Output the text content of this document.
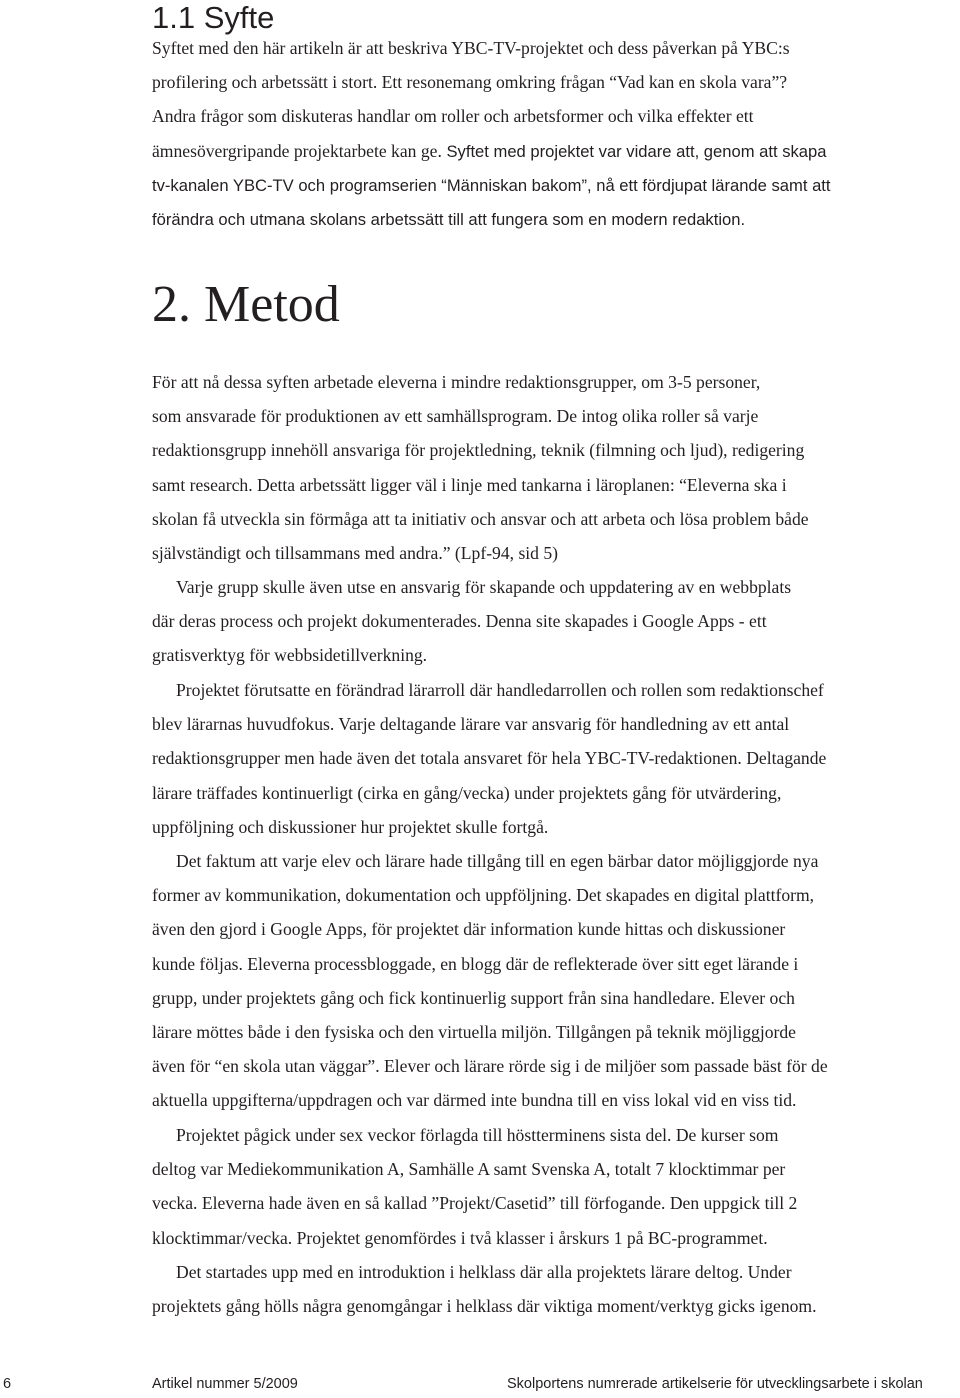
1.1 Syfte
Syftet med den här artikeln är att beskriva YBC-TV-projektet och dess påverkan på YBC:s
profilering och arbetssätt i stort. Ett resonemang omkring frågan “Vad kan en skola vara”?
Andra frågor som diskuteras handlar om roller och arbetsformer och vilka effekter ett
ämnesövergripande projektarbete kan ge. Syftet med projektet var vidare att, genom att skapa
tv-kanalen YBC-TV och programserien “Människan bakom”, nå ett fördjupat lärande samt att
förändra och utmana skolans arbetssätt till att fungera som en modern redaktion.
2. Metod
För att nå dessa syften arbetade eleverna i mindre redaktionsgrupper, om 3-5 personer,
som ansvarade för produktionen av ett samhällsprogram. De intog olika roller så varje
redaktionsgrupp innehöll ansvariga för projektledning, teknik (filmning och ljud), redigering
samt research. Detta arbetssätt ligger väl i linje med tankarna i läroplanen: “Eleverna ska i
skolan få utveckla sin förmåga att ta initiativ och ansvar och att arbeta och lösa problem både
självständigt och tillsammans med andra.” (Lpf-94, sid 5)
Varje grupp skulle även utse en ansvarig för skapande och uppdatering av en webbplats
där deras process och projekt dokumenterades. Denna site skapades i Google Apps - ett
gratisverktyg för webbsidetillverkning.
Projektet förutsatte en förändrad lärarroll där handledarrollen och rollen som redaktionschef
blev lärarnas huvudfokus. Varje deltagande lärare var ansvarig för handledning av ett antal
redaktionsgrupper men hade även det totala ansvaret för hela YBC-TV-redaktionen. Deltagande
lärare träffades kontinuerligt (cirka en gång/vecka) under projektets gång för utvärdering,
uppföljning och diskussioner hur projektet skulle fortgå.
Det faktum att varje elev och lärare hade tillgång till en egen bärbar dator möjliggjorde nya
former av kommunikation, dokumentation och uppföljning. Det skapades en digital plattform,
även den gjord i Google Apps, för projektet där information kunde hittas och diskussioner
kunde följas. Eleverna processbloggade, en blogg där de reflekterade över sitt eget lärande i
grupp, under projektets gång och fick kontinuerlig support från sina handledare. Elever och
lärare möttes både i den fysiska och den virtuella miljön. Tillgången på teknik möjliggjorde
även för “en skola utan väggar”. Elever och lärare rörde sig i de miljöer som passade bäst för de
aktuella uppgifterna/uppdragen och var därmed inte bundna till en viss lokal vid en viss tid.
Projektet pågick under sex veckor förlagda till höstterminens sista del. De kurser som
deltog var Mediekommunikation A, Samhälle A samt Svenska A, totalt 7 klocktimmar per
vecka. Eleverna hade även en så kallad ”Projekt/Casetid” till förfogande. Den uppgick till 2
klocktimmar/vecka. Projektet genomfördes i två klasser i årskurs 1 på BC-programmet.
Det startades upp med en introduktion i helklass där alla projektets lärare deltog. Under
projektets gång hölls några genomgångar i helklass där viktiga moment/verktyg gicks igenom.
6	Artikel nummer 5/2009	Skolportens numrerade artikelserie för utvecklingsarbete i skolan
